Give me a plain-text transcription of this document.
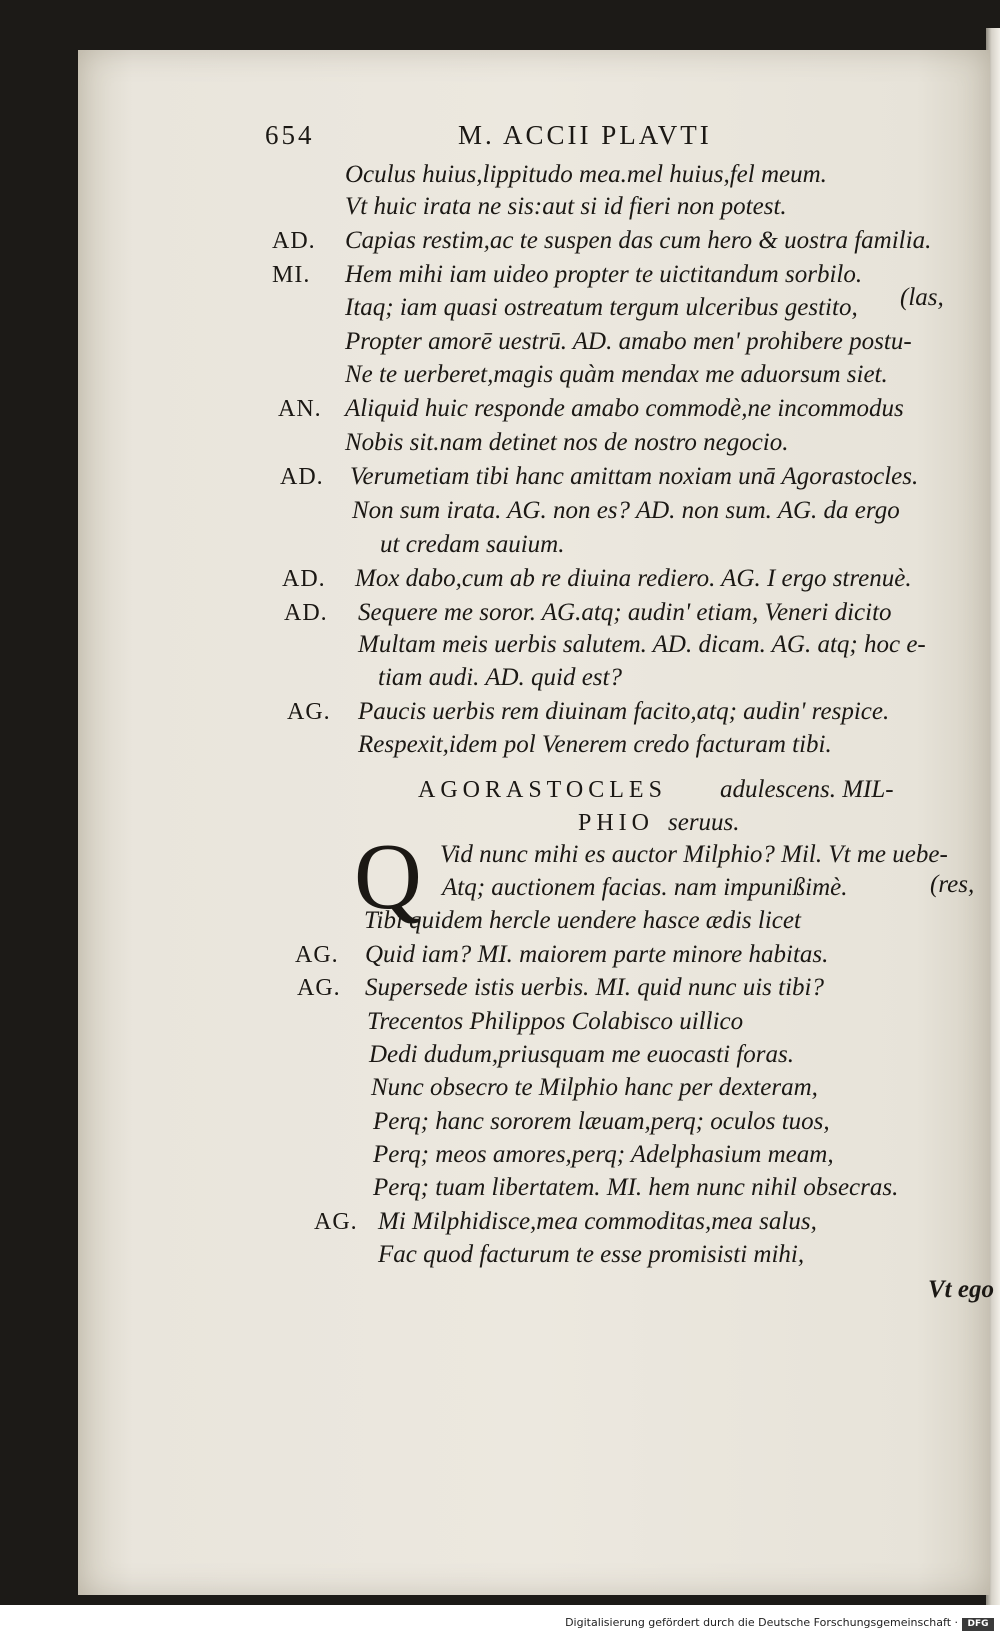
654	M. ACCII PLAVTI
Oculus huius,lippitudo mea.mel huius,fel meum.
Vt huic irata ne sis:aut si id fieri non potest.
AD. Capias restim,ac te suspen das cum hero & uostra familia.
MI. Hem mihi iam uideo propter te uictitandum sorbilo.
Itaq; iam quasi ostreatum tergum ulceribus gestito,
Propter amorē uestrū. AD. amabo men' prohibere postu-
Ne te uerberet,magis quàm mendax me aduorsum siet.
AN. Aliquid huic responde amabo commodè,ne incommodus
Nobis sit.nam detinet nos de nostro negocio.
AD. Verumetiam tibi hanc amittam noxiam unā Agorastocles.
Non sum irata. AG. non es? AD. non sum. AG. da ergo
ut credam sauium.
AD. Mox dabo,cum ab re diuina rediero. AG. I ergo strenuè.
AD. Sequere me soror. AG.atq; audin' etiam, Veneri dicito
Multam meis uerbis salutem. AD. dicam. AG. atq; hoc e-
tiam audi. AD. quid est?
AG. Paucis uerbis rem diuinam facito,atq; audin' respice.
Respexit,idem pol Venerem credo facturam tibi.
(las,
AGORASTOCLES adulescens. MIL-
PHIO seruus.
Q Vid nunc mihi es auctor Milphio? Mil. Vt me uebe-
Atq; auctionem facias. nam impunißimè.
Tibi quidem hercle uendere hasce ædis licet
AG. Quid iam? MI. maiorem parte minore habitas.
AG. Supersede istis uerbis. MI. quid nunc uis tibi?
Trecentos Philippos Colabisco uillico
Dedi dudum,priusquam me euocasti foras.
Nunc obsecro te Milphio hanc per dexteram,
Perq; hanc sororem læuam,perq; oculos tuos,
Perq; meos amores,perq; Adelphasium meam,
Perq; tuam libertatem. MI. hem nunc nihil obsecras.
AG. Mi Milphidisce,mea commoditas,mea salus,
Fac quod facturum te esse promisisti mihi,
(res,
Vt ego
Digitalisierung gefördert durch die Deutsche Forschungsgemeinschaft ·	DFG
